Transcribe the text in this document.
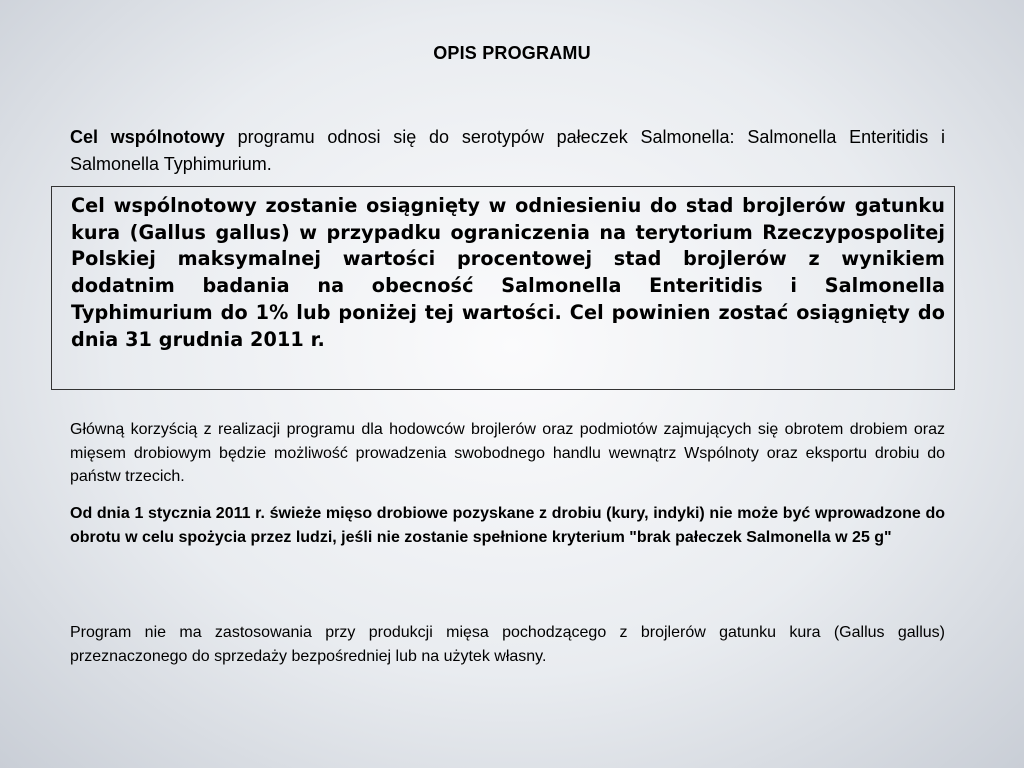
OPIS PROGRAMU
Cel wspólnotowy programu odnosi się do serotypów pałeczek Salmonella: Salmonella Enteritidis i Salmonella Typhimurium.
Cel wspólnotowy zostanie osiągnięty w odniesieniu do stad brojlerów gatunku kura (Gallus gallus) w przypadku ograniczenia na terytorium Rzeczypospolitej Polskiej maksymalnej wartości procentowej stad brojlerów z wynikiem dodatnim badania na obecność Salmonella Enteritidis i Salmonella Typhimurium do 1% lub poniżej tej wartości. Cel powinien zostać osiągnięty do dnia 31 grudnia 2011 r.
Główną korzyścią z realizacji programu dla hodowców brojlerów oraz podmiotów zajmujących się obrotem drobiem oraz mięsem drobiowym będzie możliwość prowadzenia swobodnego handlu wewnątrz Wspólnoty oraz eksportu drobiu do państw trzecich.
Od dnia 1 stycznia 2011 r. świeże mięso drobiowe pozyskane z drobiu (kury, indyki) nie może być wprowadzone do obrotu w celu spożycia przez ludzi, jeśli nie zostanie spełnione kryterium "brak pałeczek Salmonella w 25 g"
Program nie ma zastosowania przy produkcji mięsa pochodzącego z brojlerów gatunku kura (Gallus gallus) przeznaczonego do sprzedaży bezpośredniej lub na użytek własny.
